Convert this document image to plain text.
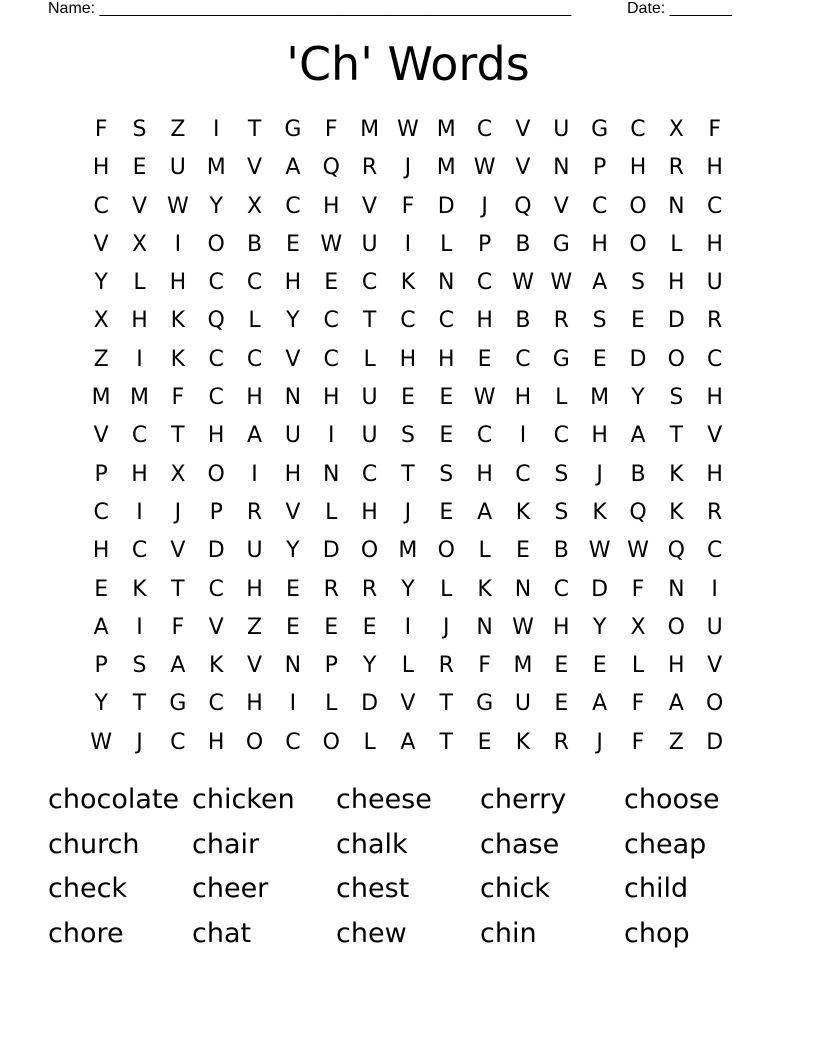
Name: _____________________________________________________	Date: _______
'Ch' Words
F	S	Z	I	T	G	F	M W M C	V	U G	C	X	F
H	E	U M V	A	Q	R	J	M W V	N	P	H	R	H
C	V W Y	X	C	H	V	F	D	J	Q	V	C O N	C
V	X	I	O	B	E W U	I	L	P	B	G H O	L	H
Y	L	H	C	C	H	E	C	K	N	C W W A	S	H	U
X	H	K	Q	L	Y	C	T	C	C	H	B	R	S	E	D	R
Z	I	K	C	C	V	C	L	H H	E	C	G	E	D O	C
M M	F	C	H N H	U	E	E W H	L	M	Y	S	H
V	C	T	H	A	U	I	U	S	E	C	I	C	H	A	T	V
P	H	X	O	I	H N	C	T	S	H	C	S	J	B	K	H
C	I	J	P	R	V	L	H	J	E	A	K	S	K	Q	K	R
H	C	V	D U	Y	D O M O	L	E	B W W Q	C
E	K	T	C	H	E	R	R	Y	L	K	N	C	D	F	N	I
A	I	F	V	Z	E	E	E	I	J	N W H	Y	X	O U
P	S	A	K	V	N	P	Y	L	R	F	M E	E	L	H	V
Y	T	G	C	H	I	L	D	V	T	G U	E	A	F	A	O
W	J	C	H O	C O	L	A	T	E	K	R	J	F	Z	D
chocolate chicken	cheese	cherry	choose
church	chair	chalk	chase	cheap
check	cheer	chest	chick	child
chore	chat	chew	chin	chop
